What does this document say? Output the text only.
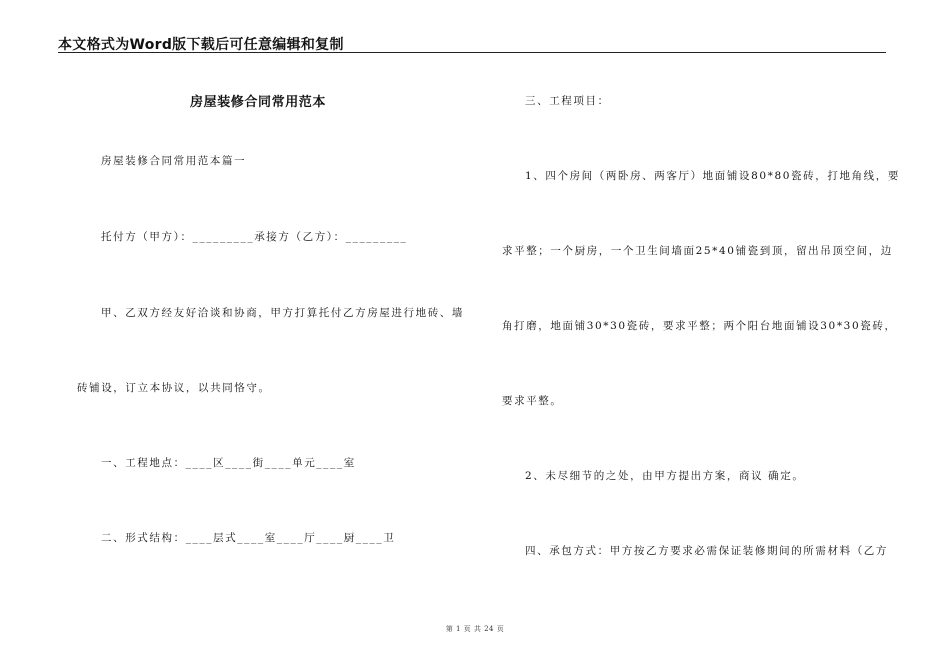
本文格式为Word版下载后可任意编辑和复制
房屋装修合同常用范本
房屋装修合同常用范本篇一
托付方（甲方）：_________承接方（乙方）：_________
甲、乙双方经友好洽谈和协商，甲方打算托付乙方房屋进行地砖、墙
砖铺设，订立本协议，以共同恪守。
一、工程地点：____区____街____单元____室
二、形式结构：____层式____室____厅____厨____卫
三、工程项目：
1、四个房间（两卧房、两客厅）地面铺设80*80瓷砖，打地角线，要
求平整；一个厨房，一个卫生间墙面25*40铺瓷到顶，留出吊顶空间，边
角打磨，地面铺30*30瓷砖，要求平整；两个阳台地面铺设30*30瓷砖，
要求平整。
2、未尽细节的之处，由甲方提出方案，商议 确定。
四、承包方式：甲方按乙方要求必需保证装修期间的所需材料（乙方
第 1 页 共 24 页
